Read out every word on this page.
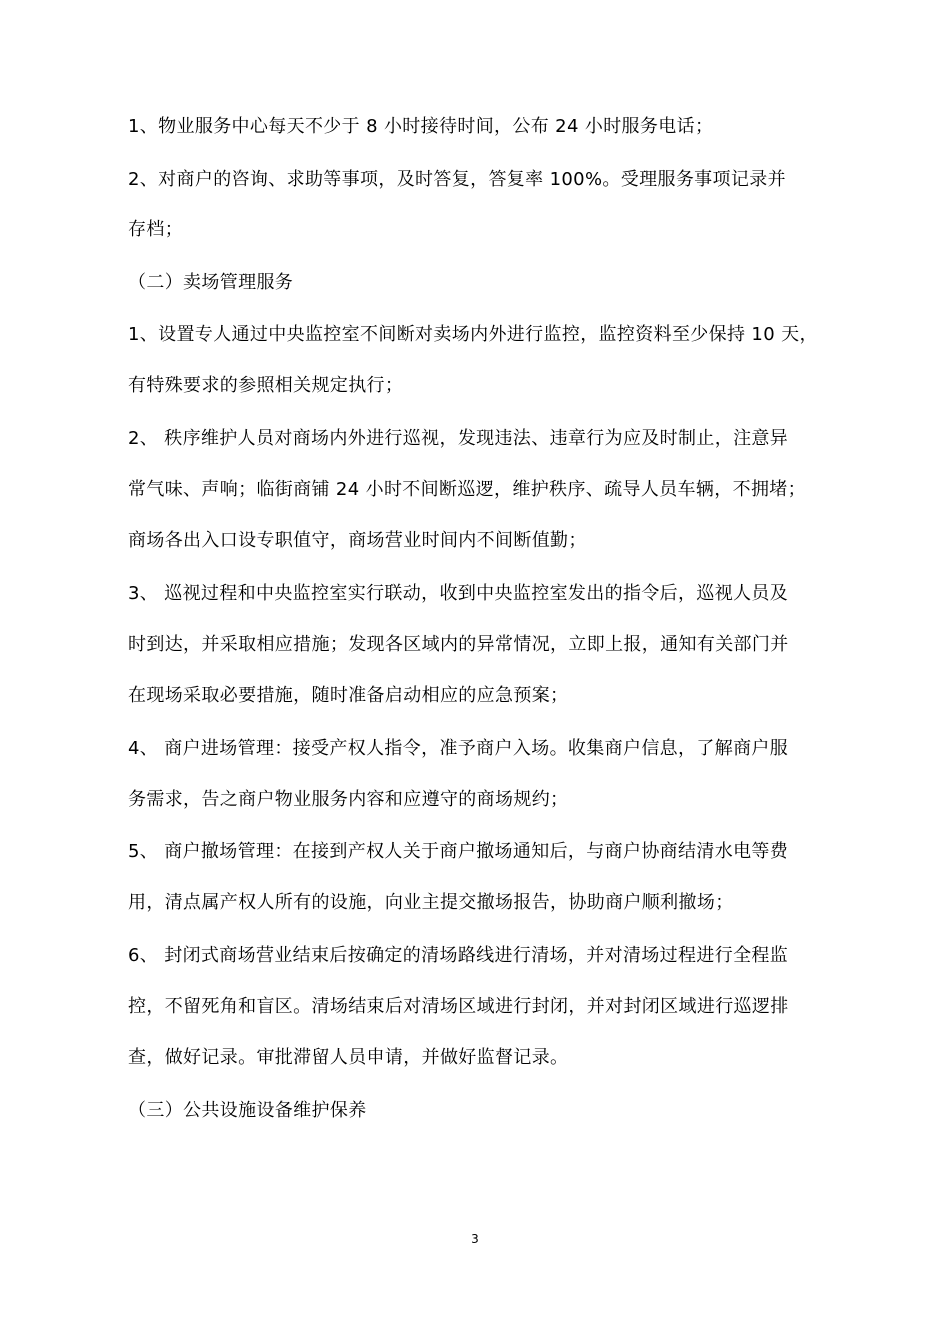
1、物业服务中心每天不少于 8 小时接待时间，公布 24 小时服务电话；
2、对商户的咨询、求助等事项，及时答复，答复率 100%。受理服务事项记录并
存档；
（二）卖场管理服务
1、设置专人通过中央监控室不间断对卖场内外进行监控，监控资料至少保持 10 天，
有特殊要求的参照相关规定执行；
2、 秩序维护人员对商场内外进行巡视，发现违法、违章行为应及时制止，注意异
常气味、声响；临街商铺 24 小时不间断巡逻，维护秩序、疏导人员车辆，不拥堵；
商场各出入口设专职值守，商场营业时间内不间断值勤；
3、 巡视过程和中央监控室实行联动，收到中央监控室发出的指令后，巡视人员及
时到达，并采取相应措施；发现各区域内的异常情况，立即上报，通知有关部门并
在现场采取必要措施，随时准备启动相应的应急预案；
4、 商户进场管理：接受产权人指令，准予商户入场。收集商户信息，了解商户服
务需求，告之商户物业服务内容和应遵守的商场规约；
5、 商户撤场管理：在接到产权人关于商户撤场通知后，与商户协商结清水电等费
用，清点属产权人所有的设施，向业主提交撤场报告，协助商户顺利撤场；
6、 封闭式商场营业结束后按确定的清场路线进行清场，并对清场过程进行全程监
控，不留死角和盲区。清场结束后对清场区域进行封闭，并对封闭区域进行巡逻排
查，做好记录。审批滞留人员申请，并做好监督记录。
（三）公共设施设备维护保养
3
